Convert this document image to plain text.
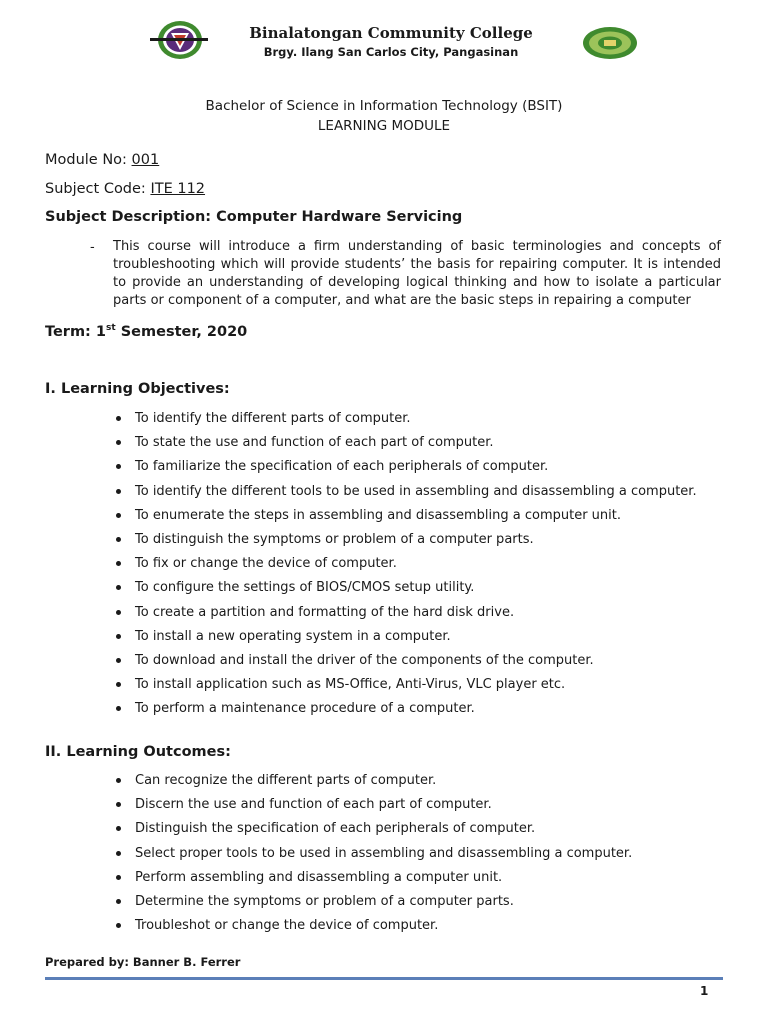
Binalatongan Community College
Brgy. Ilang San Carlos City, Pangasinan
Bachelor of Science in Information Technology (BSIT)
LEARNING MODULE
Module No: 001
Subject Code: ITE 112
Subject Description: Computer Hardware Servicing
- This course will introduce a firm understanding of basic terminologies and concepts of troubleshooting which will provide students’ the basis for repairing computer. It is intended to provide an understanding of developing logical thinking and how to isolate a particular parts or component of a computer, and what are the basic steps in repairing a computer
Term: 1st Semester, 2020
I. Learning Objectives:
To identify the different parts of computer.
To state the use and function of each part of computer.
To familiarize the specification of each peripherals of computer.
To identify the different tools to be used in assembling and disassembling a computer.
To enumerate the steps in assembling and disassembling a computer unit.
To distinguish the symptoms or problem of a computer parts.
To fix or change the device of computer.
To configure the settings of BIOS/CMOS setup utility.
To create a partition and formatting of the hard disk drive.
To install a new operating system in a computer.
To download and install the driver of the components of the computer.
To install application such as MS-Office, Anti-Virus, VLC player etc.
To perform a maintenance procedure of a computer.
II. Learning Outcomes:
Can recognize the different parts of computer.
Discern the use and function of each part of computer.
Distinguish the specification of each peripherals of computer.
Select proper tools to be used in assembling and disassembling a computer.
Perform assembling and disassembling a computer unit.
Determine the symptoms or problem of a computer parts.
Troubleshot or change the device of computer.
Prepared by: Banner B. Ferrer
1
